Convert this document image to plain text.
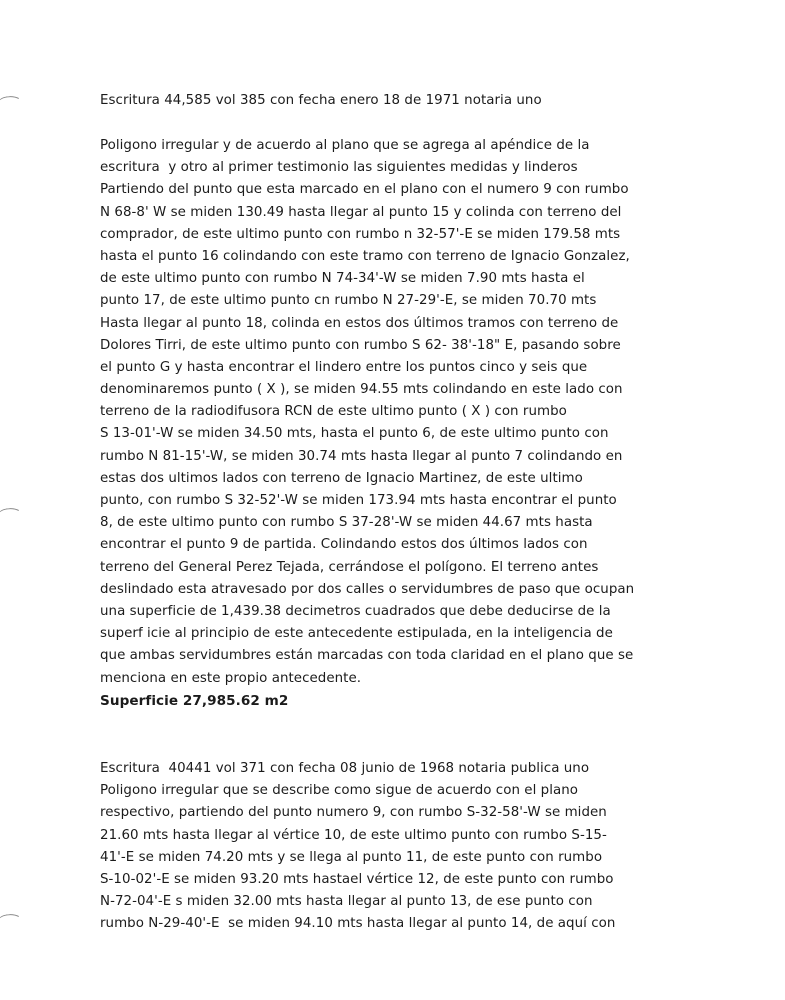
Escritura 44,585 vol 385 con fecha enero 18 de 1971 notaria uno
Poligono irregular y de acuerdo al plano que se agrega al apéndice de la
escritura  y otro al primer testimonio las siguientes medidas y linderos
Partiendo del punto que esta marcado en el plano con el numero 9 con rumbo
N 68-8' W se miden 130.49 hasta llegar al punto 15 y colinda con terreno del
comprador, de este ultimo punto con rumbo n 32-57'-E se miden 179.58 mts
hasta el punto 16 colindando con este tramo con terreno de Ignacio Gonzalez,
de este ultimo punto con rumbo N 74-34'-W se miden 7.90 mts hasta el
punto 17, de este ultimo punto cn rumbo N 27-29'-E, se miden 70.70 mts
Hasta llegar al punto 18, colinda en estos dos últimos tramos con terreno de
Dolores Tirri, de este ultimo punto con rumbo S 62- 38'-18" E, pasando sobre
el punto G y hasta encontrar el lindero entre los puntos cinco y seis que
denominaremos punto ( X ), se miden 94.55 mts colindando en este lado con
terreno de la radiodifusora RCN de este ultimo punto ( X ) con rumbo
S 13-01'-W se miden 34.50 mts, hasta el punto 6, de este ultimo punto con
rumbo N 81-15'-W, se miden 30.74 mts hasta llegar al punto 7 colindando en
estas dos ultimos lados con terreno de Ignacio Martinez, de este ultimo
punto, con rumbo S 32-52'-W se miden 173.94 mts hasta encontrar el punto
8, de este ultimo punto con rumbo S 37-28'-W se miden 44.67 mts hasta
encontrar el punto 9 de partida. Colindando estos dos últimos lados con
terreno del General Perez Tejada, cerrándose el polígono. El terreno antes
deslindado esta atravesado por dos calles o servidumbres de paso que ocupan
una superficie de 1,439.38 decimetros cuadrados que debe deducirse de la
superf icie al principio de este antecedente estipulada, en la inteligencia de
que ambas servidumbres están marcadas con toda claridad en el plano que se
menciona en este propio antecedente.
Superficie 27,985.62 m2
Escritura  40441 vol 371 con fecha 08 junio de 1968 notaria publica uno
Poligono irregular que se describe como sigue de acuerdo con el plano
respectivo, partiendo del punto numero 9, con rumbo S-32-58'-W se miden
21.60 mts hasta llegar al vértice 10, de este ultimo punto con rumbo S-15-
41'-E se miden 74.20 mts y se llega al punto 11, de este punto con rumbo
S-10-02'-E se miden 93.20 mts hastael vértice 12, de este punto con rumbo
N-72-04'-E s miden 32.00 mts hasta llegar al punto 13, de ese punto con
rumbo N-29-40'-E  se miden 94.10 mts hasta llegar al punto 14, de aquí con
